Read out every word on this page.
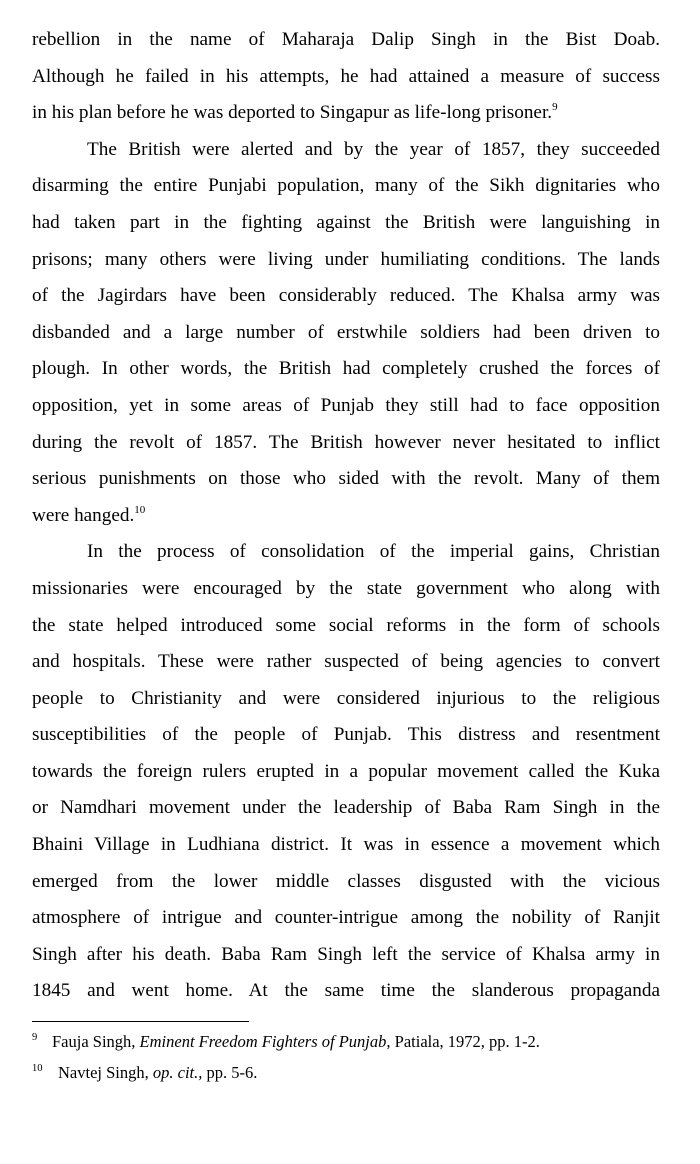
rebellion in the name of Maharaja Dalip Singh in the Bist Doab.
Although he failed in his attempts, he had attained a measure of success
in his plan before he was deported to Singapur as life-long prisoner.$^9$
The British were alerted and by the year of 1857, they succeeded
disarming the entire Punjabi population, many of the Sikh dignitaries who
had taken part in the fighting against the British were languishing in
prisons; many others were living under humiliating conditions. The lands
of the Jagirdars have been considerably reduced. The Khalsa army was
disbanded and a large number of erstwhile soldiers had been driven to
plough. In other words, the British had completely crushed the forces of
opposition, yet in some areas of Punjab they still had to face opposition
during the revolt of 1857. The British however never hesitated to inflict
serious punishments on those who sided with the revolt. Many of them
were hanged.$^{10}$
In the process of consolidation of the imperial gains, Christian
missionaries were encouraged by the state government who along with
the state helped introduced some social reforms in the form of schools
and hospitals. These were rather suspected of being agencies to convert
people to Christianity and were considered injurious to the religious
susceptibilities of the people of Punjab. This distress and resentment
towards the foreign rulers erupted in a popular movement called the Kuka
or Namdhari movement under the leadership of Baba Ram Singh in the
Bhaini Village in Ludhiana district. It was in essence a movement which
emerged from the lower middle classes disgusted with the vicious
atmosphere of intrigue and counter-intrigue among the nobility of Ranjit
Singh after his death. Baba Ram Singh left the service of Khalsa army in
1845 and went home. At the same time the slanderous propaganda
9 Fauja Singh, Eminent Freedom Fighters of Punjab, Patiala, 1972, pp. 1-2.
10 Navtej Singh, op. cit., pp. 5-6.
